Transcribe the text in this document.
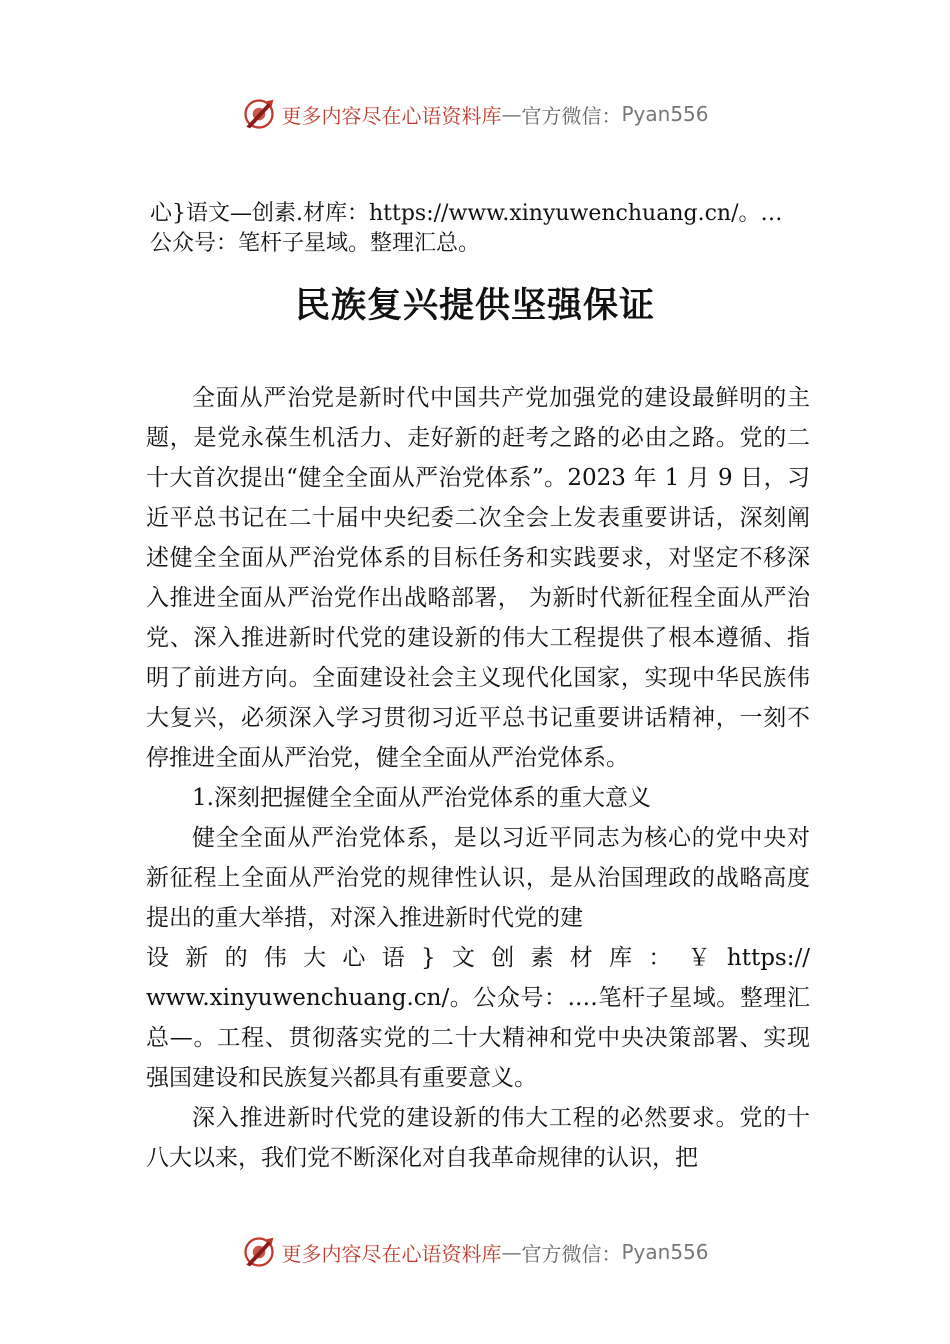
更多内容尽在心语资料库 — 官方微信： Pyan556
心}语文—创素.材库：https://www.xinyuwenchuang.cn/。…
公众号：笔杆子星域。整理汇总。
民族复兴提供坚强保证

全面从严治党是新时代中国共产党加强党的建设最鲜明的主题，是党永葆生机活力、走好新的赶考之路的必由之路。党的二十大首次提出“健全全面从严治党体系”。2023 年 1 月 9 日，习近平总书记在二十届中央纪委二次全会上发表重要讲话，深刻阐述健全全面从严治党体系的目标任务和实践要求，对坚定不移深入推进全面从严治党作出战略部署， 为新时代新征程全面从严治党、深入推进新时代党的建设新的伟大工程提供了根本遵循、指明了前进方向。全面建设社会主义现代化国家，实现中华民族伟大复兴，必须深入学习贯彻习近平总书记重要讲话精神，一刻不停推进全面从严治党，健全全面从严治党体系。

1.深刻把握健全全面从严治党体系的重大意义

健全全面从严治党体系，是以习近平同志为核心的党中央对新征程上全面从严治党的规律性认识，是从治国理政的战略高度提出的重大举措，对深入推进新时代党的建

设新的伟大心语}文创素材库：￥https://

www.xinyuwenchuang.cn/。公众号：.…笔杆子星域。整理汇总—。工程、贯彻落实党的二十大精神和党中央决策部署、实现强国建设和民族复兴都具有重要意义。

深入推进新时代党的建设新的伟大工程的必然要求。党的十八大以来，我们党不断深化对自我革命规律的认识，把

更多内容尽在心语资料库 — 官方微信： Pyan556
